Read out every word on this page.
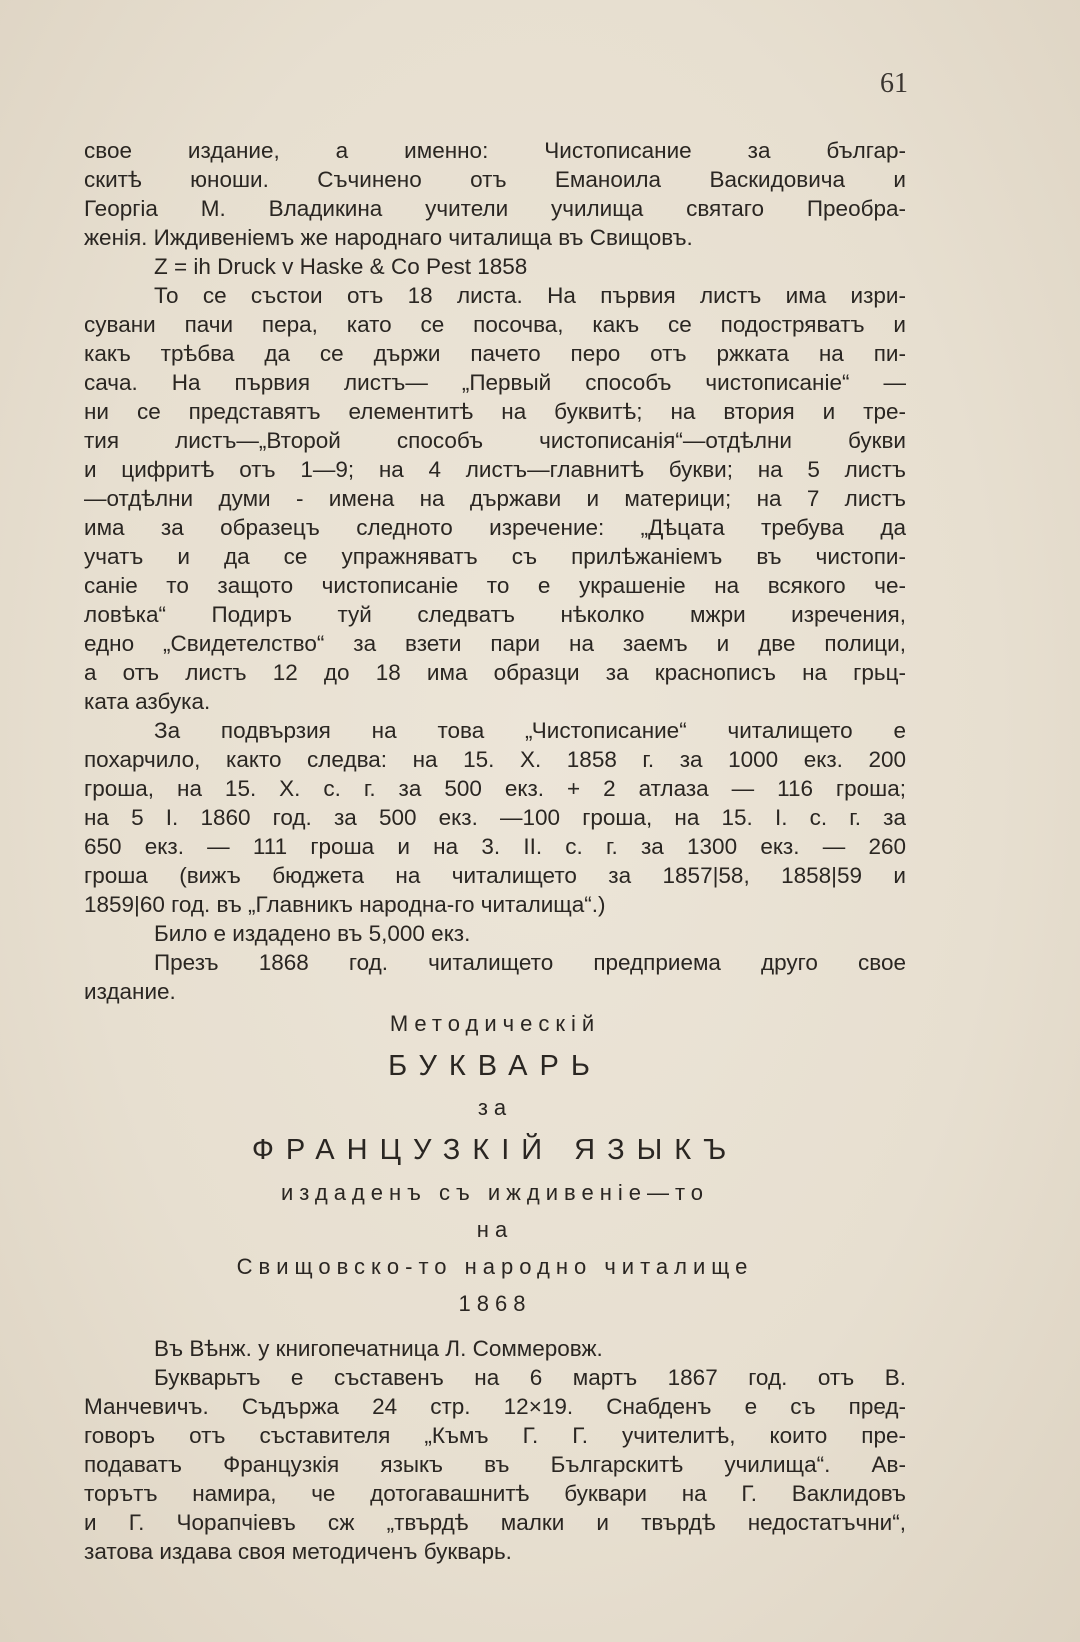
61
свое издание, а именно: Чистописание за българ-
скитѣ юноши. Съчинено отъ Еманоила Васкидовича и
Георгіа М. Владикина учители училища святаго Преобра-
женія. Иждивеніемъ же народнаго читалища въ Свищовъ.
Z = ih Druck v Haske & Co Pest 1858
То се състои отъ 18 листа. На първия листъ има изри-
сувани пачи пера, като се посочва, какъ се подостряватъ и
какъ трѣбва да се държи пачето перо отъ ржката на пи-
сача. На първия листъ— „Первый способъ чистописаніе“ —
ни се представятъ елементитѣ на буквитѣ; на втория и тре-
тия листъ—„Второй способъ чистописанія“—отдѣлни букви
и цифритѣ отъ 1—9; на 4 листъ—главнитѣ букви; на 5 листъ
—отдѣлни думи - имена на държави и материци; на 7 листъ
има за образецъ следното изречение: „Дѣцата требува да
учатъ и да се упражняватъ съ прилѣжаніемъ въ чистопи-
саніе то защото чистописаніе то е украшеніе на всякого че-
ловѣка“ Подиръ туй следватъ нѣколко мжри изречения,
едно „Свидетелство“ за взети пари на заемъ и две полици,
а отъ листъ 12 до 18 има образци за краснописъ на грьц-
ката азбука.
За подвързия на това „Чистописание“ читалището е
похарчило, както следва: на 15. X. 1858 г. за 1000 екз. 200
гроша, на 15. X. с. г. за 500 екз. + 2 атлаза — 116 гроша;
на 5 I. 1860 год. за 500 екз. —100 гроша, на 15. I. с. г. за
650 екз. — 111 гроша и на 3. II. с. г. за 1300 екз. — 260
гроша (вижъ бюджета на читалището за 1857|58, 1858|59 и
1859|60 год. въ „Главникъ народна-го читалища“.)
Било е издадено въ 5,000 екз.
Презъ 1868 год. читалището предприема друго свое
издание.
Методическій
БУКВАРЬ
за
ФРАНЦУЗКІЙ ЯЗЫКЪ
издаденъ съ иждивеніе—то
на
Свищовско-то народно читалище
1868
Въ Вѣнж. у книгопечатница Л. Соммеровж.
Букварьтъ е съставенъ на 6 мартъ 1867 год. отъ В.
Манчевичъ. Съдържа 24 стр. 12×19. Снабденъ е съ пред-
говоръ отъ съставителя „Къмъ Г. Г. учителитѣ, които пре-
подаватъ Французкія языкъ въ Българскитѣ училища“. Ав-
торътъ намира, че дотогавашнитѣ буквари на Г. Ваклидовъ
и Г. Чорапчіевъ сж „твърдѣ малки и твърдѣ недостатъчни“,
затова издава своя методиченъ букварь.
